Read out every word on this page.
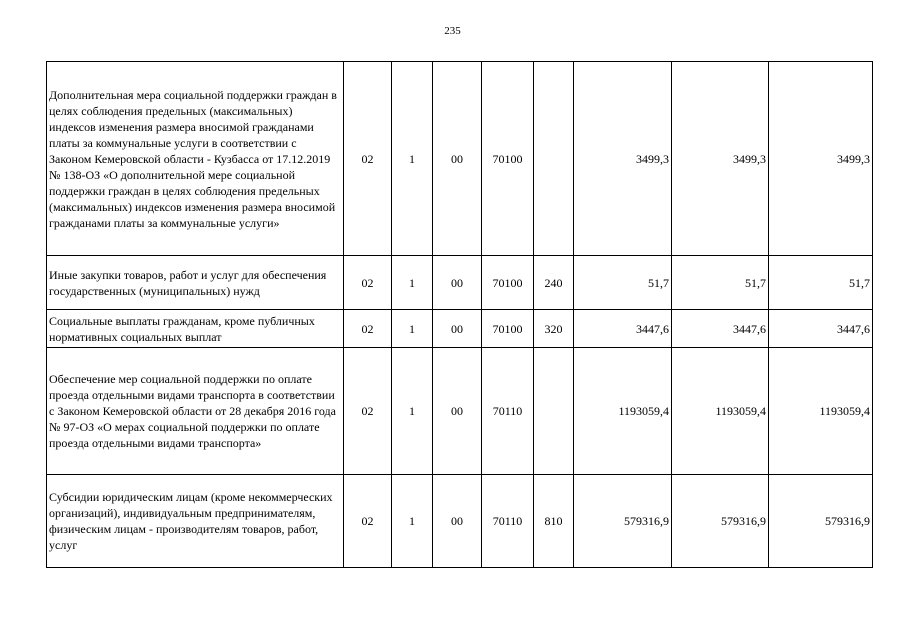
235
Дополнительная мера социальной поддержки граждан в целях соблюдения предельных (максимальных) индексов изменения размера вносимой гражданами платы за коммунальные услуги в соответствии с Законом Кемеровской области - Кузбасса от 17.12.2019 № 138-ОЗ «О дополнительной мере социальной поддержки граждан в целях соблюдения предельных (максимальных) индексов изменения размера вносимой гражданами платы за коммунальные услуги»	02	1	00	70100		3499,3	3499,3	3499,3
Иные закупки товаров, работ и услуг для обеспечения государственных (муниципальных) нужд	02	1	00	70100	240	51,7	51,7	51,7
Социальные выплаты гражданам, кроме публичных нормативных социальных выплат	02	1	00	70100	320	3447,6	3447,6	3447,6
Обеспечение мер социальной поддержки по оплате проезда отдельными видами транспорта в соответствии с Законом Кемеровской области от 28 декабря 2016 года № 97-ОЗ «О мерах социальной поддержки по оплате проезда отдельными видами транспорта»	02	1	00	70110		1193059,4	1193059,4	1193059,4
Субсидии юридическим лицам (кроме некоммерческих организаций), индивидуальным предпринимателям, физическим лицам - производителям товаров, работ, услуг	02	1	00	70110	810	579316,9	579316,9	579316,9
